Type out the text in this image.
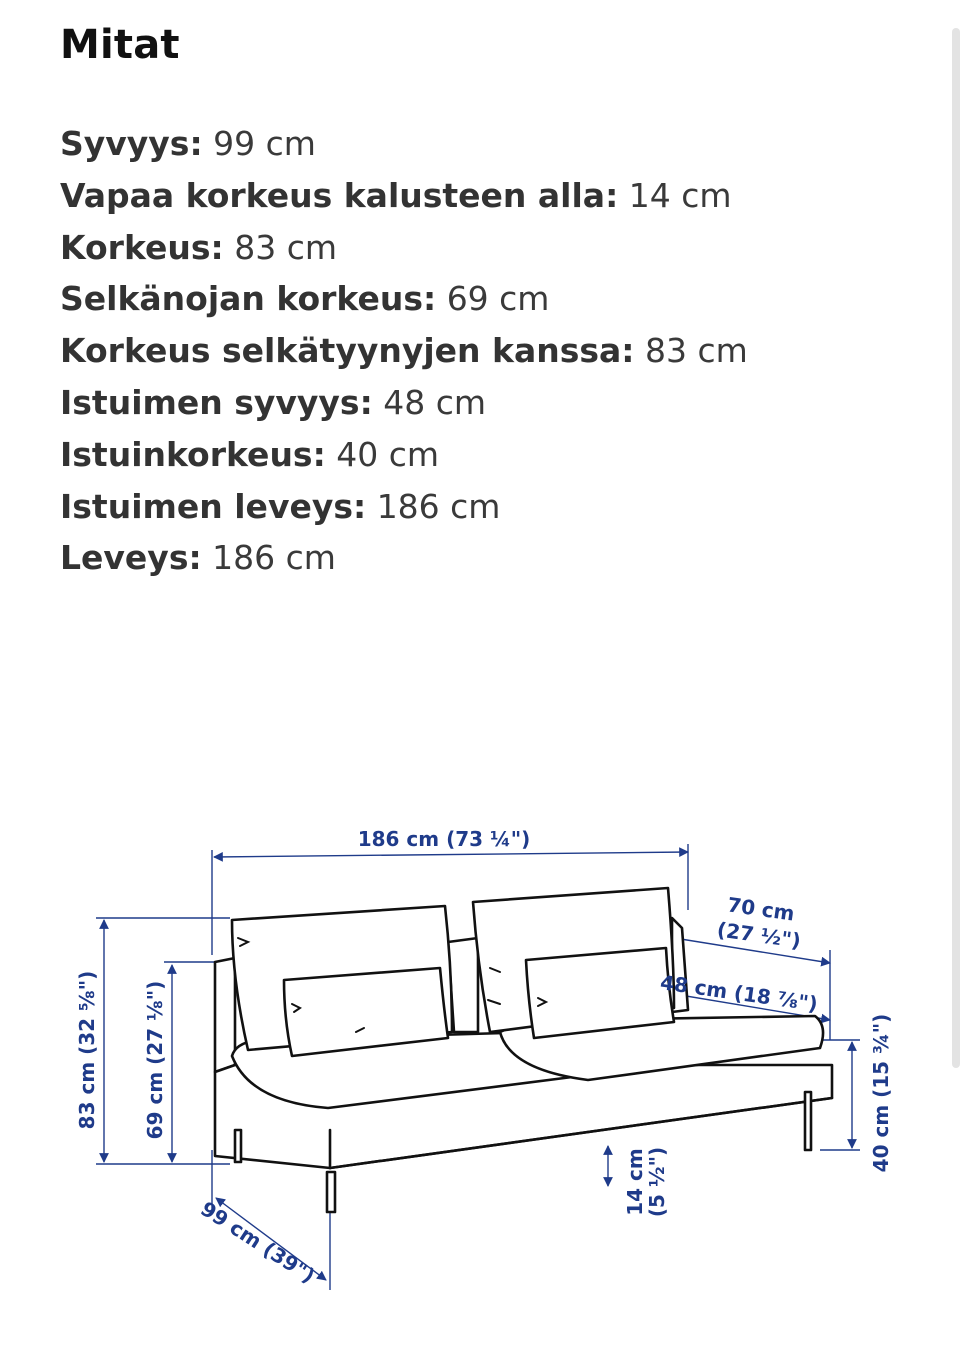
Mitat
Syvyys: 99 cm
Vapaa korkeus kalusteen alla: 14 cm
Korkeus: 83 cm
Selkänojan korkeus: 69 cm
Korkeus selkätyynyjen kanssa: 83 cm
Istuimen syvyys: 48 cm
Istuinkorkeus: 40 cm
Istuimen leveys: 186 cm
Leveys: 186 cm
186 cm (73 ¼")
70 cm
(27 ½")
48 cm (18 ⅞")
83 cm (32 ⅝") 69 cm (27 ⅛")	40 cm (15 ¾")
14 cm
(5 ½")
99 cm (39")
